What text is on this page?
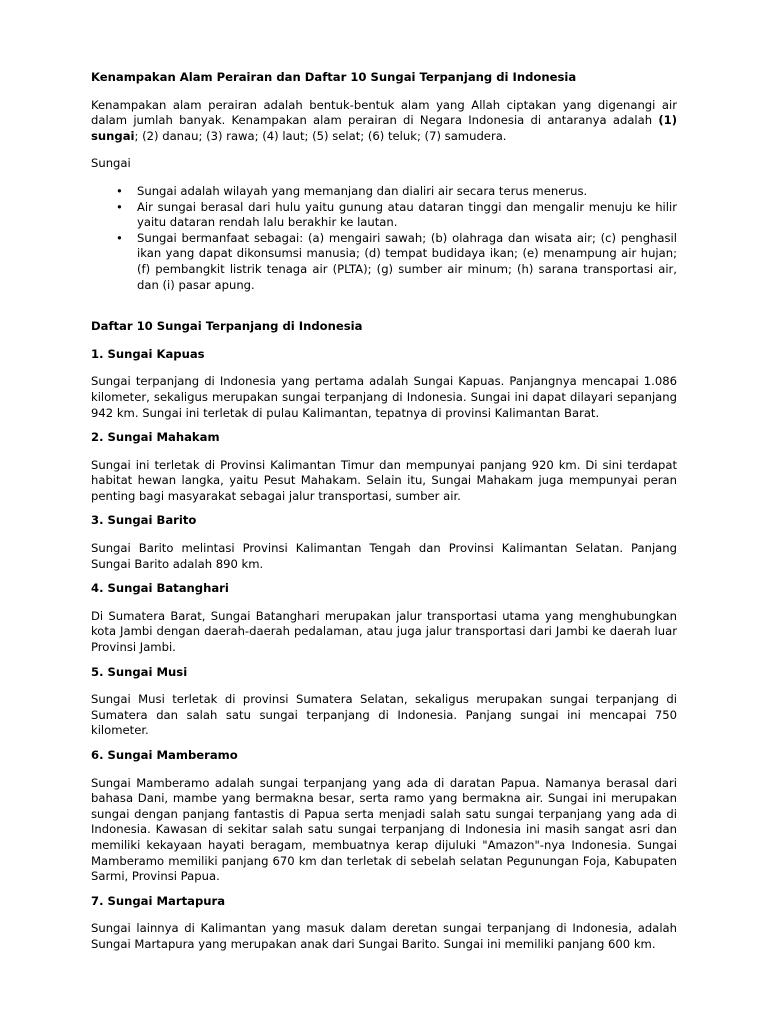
Kenampakan Alam Perairan dan Daftar 10 Sungai Terpanjang di Indonesia

Kenampakan alam perairan adalah bentuk-bentuk alam yang Allah ciptakan yang digenangi air dalam jumlah banyak. Kenampakan alam perairan di Negara Indonesia di antaranya adalah (1) sungai; (2) danau; (3) rawa; (4) laut; (5) selat; (6) teluk; (7) samudera.

Sungai

• Sungai adalah wilayah yang memanjang dan dialiri air secara terus menerus.
• Air sungai berasal dari hulu yaitu gunung atau dataran tinggi dan mengalir menuju ke hilir yaitu dataran rendah lalu berakhir ke lautan.
• Sungai bermanfaat sebagai: (a) mengairi sawah; (b) olahraga dan wisata air; (c) penghasil ikan yang dapat dikonsumsi manusia; (d) tempat budidaya ikan; (e) menampung air hujan; (f) pembangkit listrik tenaga air (PLTA); (g) sumber air minum; (h) sarana transportasi air, dan (i) pasar apung.

Daftar 10 Sungai Terpanjang di Indonesia

1. Sungai Kapuas

Sungai terpanjang di Indonesia yang pertama adalah Sungai Kapuas. Panjangnya mencapai 1.086 kilometer, sekaligus merupakan sungai terpanjang di Indonesia. Sungai ini dapat dilayari sepanjang 942 km. Sungai ini terletak di pulau Kalimantan, tepatnya di provinsi Kalimantan Barat.

2. Sungai Mahakam

Sungai ini terletak di Provinsi Kalimantan Timur dan mempunyai panjang 920 km. Di sini terdapat habitat hewan langka, yaitu Pesut Mahakam. Selain itu, Sungai Mahakam juga mempunyai peran penting bagi masyarakat sebagai jalur transportasi, sumber air.

3. Sungai Barito

Sungai Barito melintasi Provinsi Kalimantan Tengah dan Provinsi Kalimantan Selatan. Panjang Sungai Barito adalah 890 km.

4. Sungai Batanghari

Di Sumatera Barat, Sungai Batanghari merupakan jalur transportasi utama yang menghubungkan kota Jambi dengan daerah-daerah pedalaman, atau juga jalur transportasi dari Jambi ke daerah luar Provinsi Jambi.

5. Sungai Musi

Sungai Musi terletak di provinsi Sumatera Selatan, sekaligus merupakan sungai terpanjang di Sumatera dan salah satu sungai terpanjang di Indonesia. Panjang sungai ini mencapai 750 kilometer.

6. Sungai Mamberamo

Sungai Mamberamo adalah sungai terpanjang yang ada di daratan Papua. Namanya berasal dari bahasa Dani, mambe yang bermakna besar, serta ramo yang bermakna air. Sungai ini merupakan sungai dengan panjang fantastis di Papua serta menjadi salah satu sungai terpanjang yang ada di Indonesia. Kawasan di sekitar salah satu sungai terpanjang di Indonesia ini masih sangat asri dan memiliki kekayaan hayati beragam, membuatnya kerap dijuluki "Amazon"-nya Indonesia. Sungai Mamberamo memiliki panjang 670 km dan terletak di sebelah selatan Pegunungan Foja, Kabupaten Sarmi, Provinsi Papua.

7. Sungai Martapura

Sungai lainnya di Kalimantan yang masuk dalam deretan sungai terpanjang di Indonesia, adalah Sungai Martapura yang merupakan anak dari Sungai Barito. Sungai ini memiliki panjang 600 km.
